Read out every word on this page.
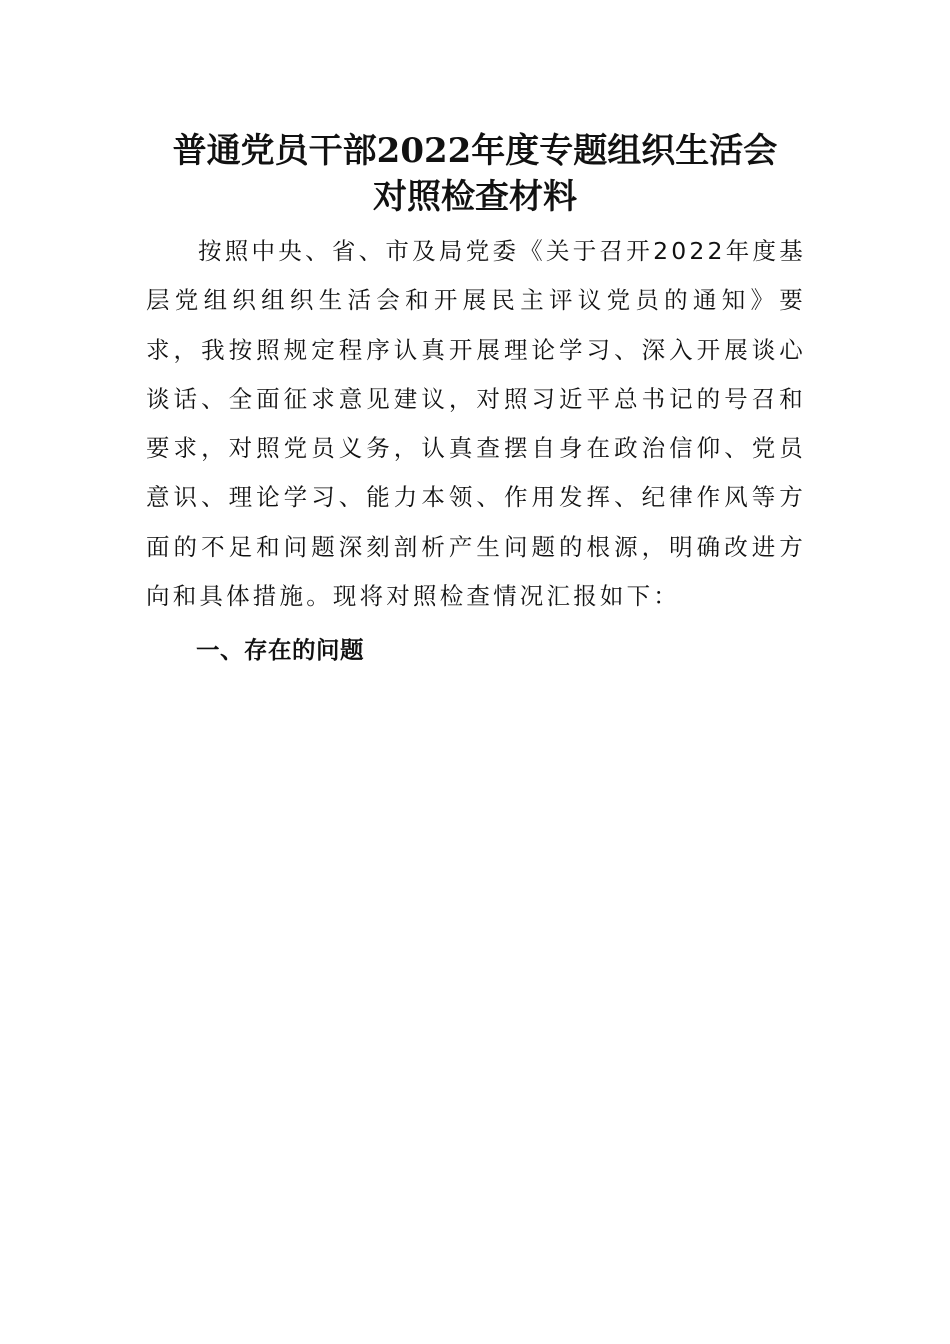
普通党员干部2022年度专题组织生活会
对照检查材料

按照中央、省、市及局党委《关于召开2022年度基层党组织组织生活会和开展民主评议党员的通知》要求，我按照规定程序认真开展理论学习、深入开展谈心谈话、全面征求意见建议，对照习近平总书记的号召和要求，对照党员义务，认真查摆自身在政治信仰、党员意识、理论学习、能力本领、作用发挥、纪律作风等方面的不足和问题深刻剖析产生问题的根源，明确改进方向和具体措施。现将对照检查情况汇报如下：

一、存在的问题
